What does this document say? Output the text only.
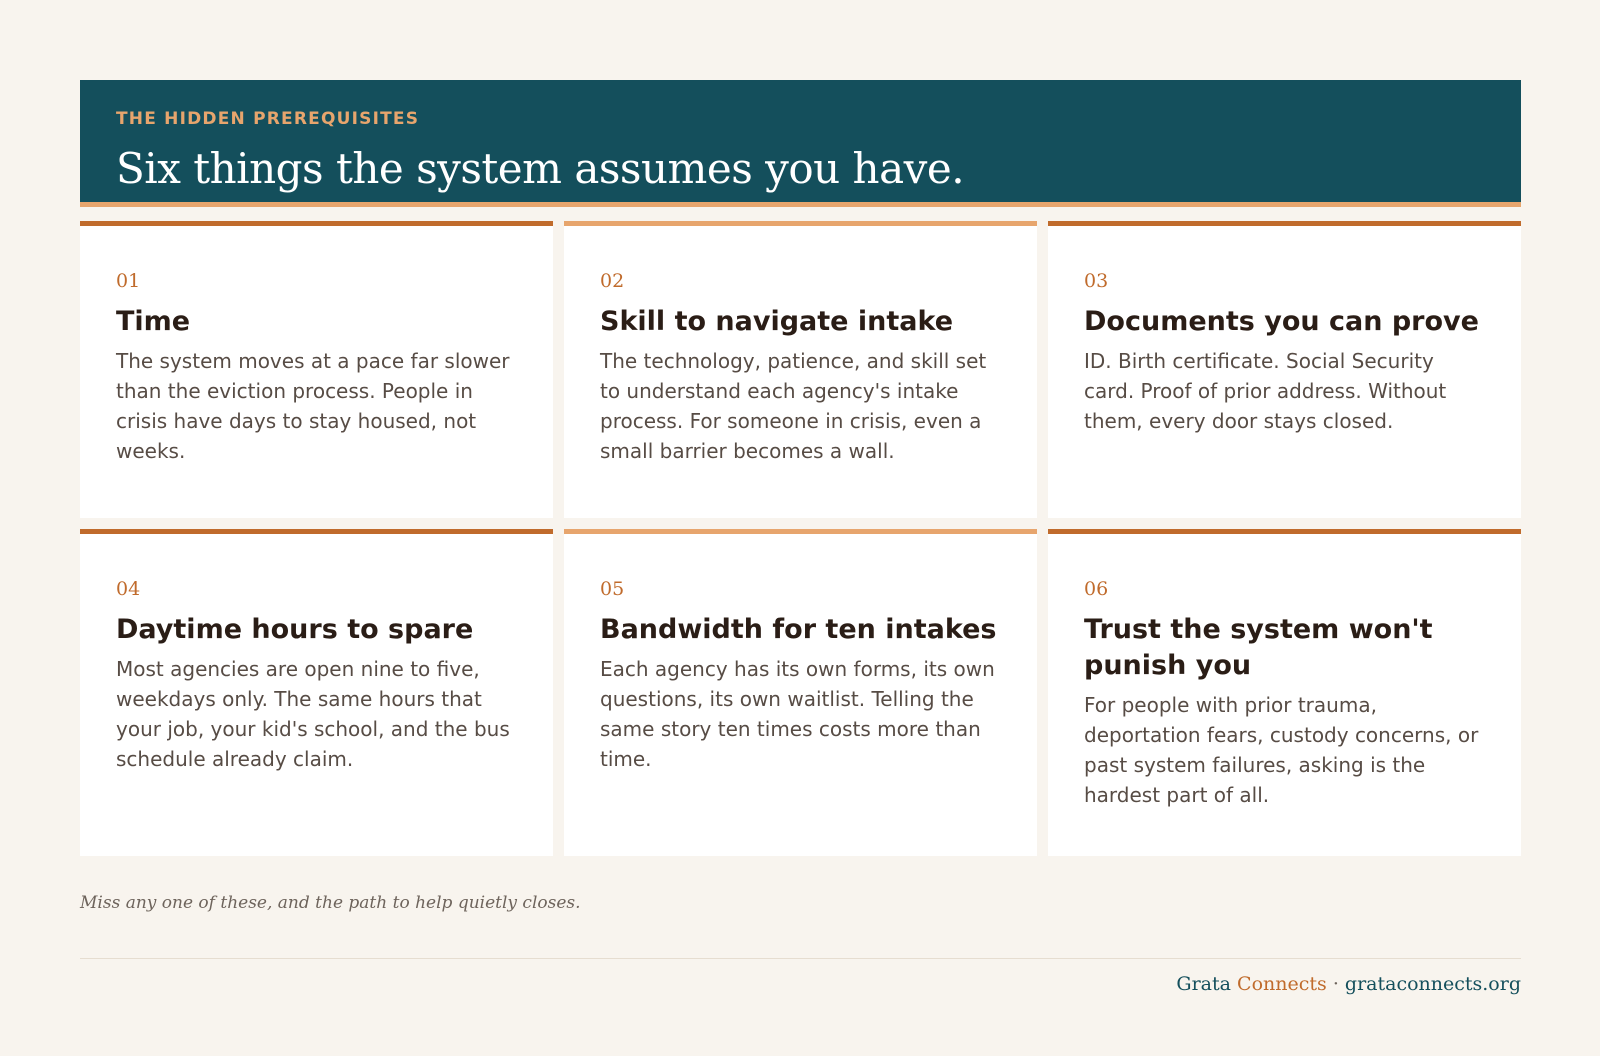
THE HIDDEN PREREQUISITES
Six things the system assumes you have.
01
Time
The system moves at a pace far slower than the eviction process. People in crisis have days to stay housed, not weeks.
02
Skill to navigate intake
The technology, patience, and skill set to understand each agency's intake process. For someone in crisis, even a small barrier becomes a wall.
03
Documents you can prove
ID. Birth certificate. Social Security card. Proof of prior address. Without them, every door stays closed.
04
Daytime hours to spare
Most agencies are open nine to five, weekdays only. The same hours that your job, your kid's school, and the bus schedule already claim.
05
Bandwidth for ten intakes
Each agency has its own forms, its own questions, its own waitlist. Telling the same story ten times costs more than time.
06
Trust the system won't punish you
For people with prior trauma, deportation fears, custody concerns, or past system failures, asking is the hardest part of all.
Miss any one of these, and the path to help quietly closes.
Grata Connects · grataconnects.org
